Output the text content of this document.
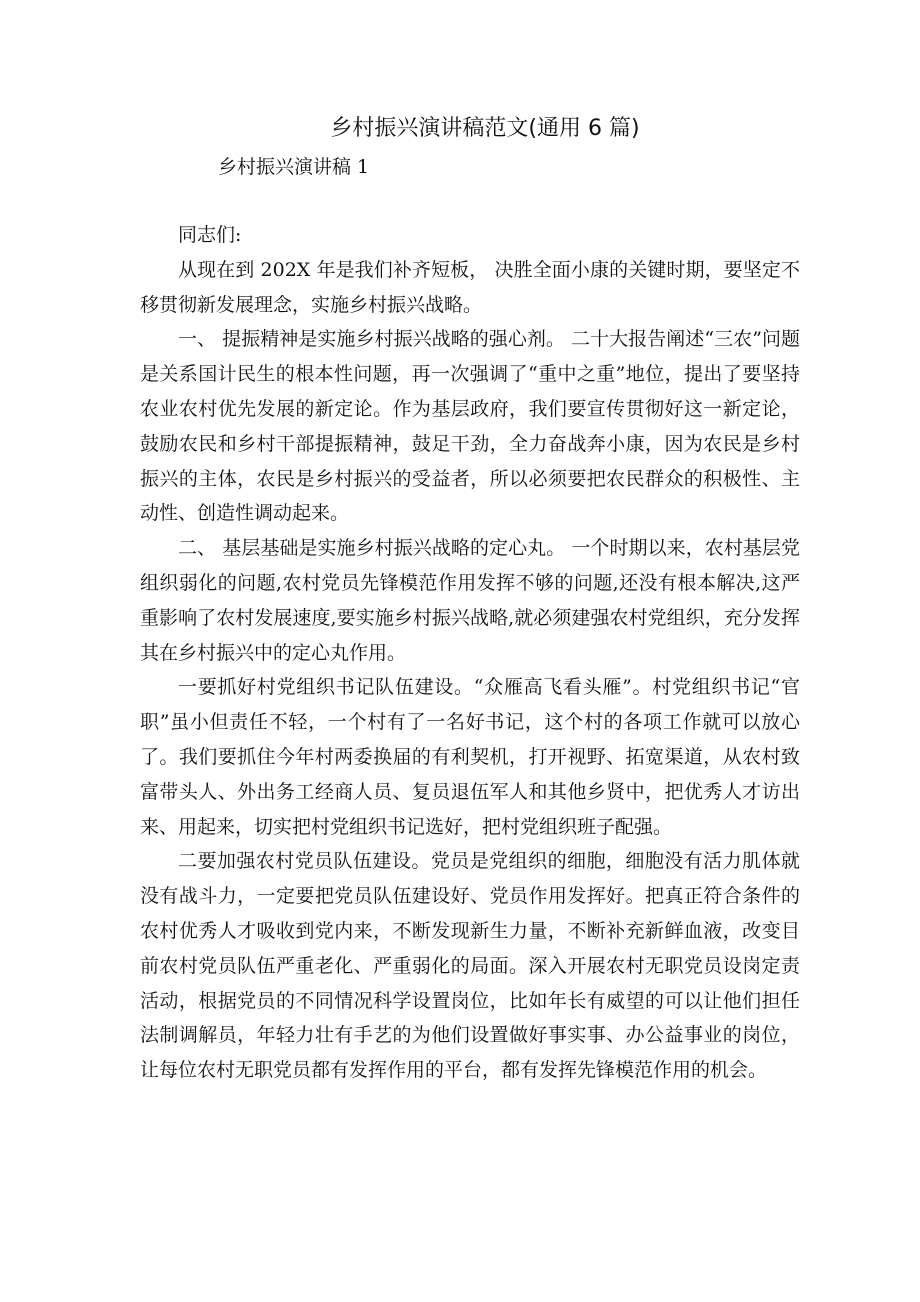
乡村振兴演讲稿范文(通用 6 篇)
乡村振兴演讲稿 1

同志们:

从现在到 202X 年是我们补齐短板， 决胜全面小康的关键时期，要坚定不移贯彻新发展理念，实施乡村振兴战略。

一、 提振精神是实施乡村振兴战略的强心剂。 二十大报告阐述“三农”问题是关系国计民生的根本性问题，再一次强调了“重中之重”地位，提出了要坚持农业农村优先发展的新定论。作为基层政府，我们要宣传贯彻好这一新定论，鼓励农民和乡村干部提振精神，鼓足干劲，全力奋战奔小康，因为农民是乡村振兴的主体，农民是乡村振兴的受益者，所以必须要把农民群众的积极性、主动性、创造性调动起来。

二、 基层基础是实施乡村振兴战略的定心丸。 一个时期以来，农村基层党组织弱化的问题,农村党员先锋模范作用发挥不够的问题,还没有根本解决,这严重影响了农村发展速度,要实施乡村振兴战略,就必须建强农村党组织，充分发挥其在乡村振兴中的定心丸作用。

一要抓好村党组织书记队伍建设。“众雁高飞看头雁”。村党组织书记“官职”虽小但责任不轻，一个村有了一名好书记，这个村的各项工作就可以放心了。我们要抓住今年村两委换届的有利契机，打开视野、拓宽渠道，从农村致富带头人、外出务工经商人员、复员退伍军人和其他乡贤中，把优秀人才访出来、用起来，切实把村党组织书记选好，把村党组织班子配强。

二要加强农村党员队伍建设。党员是党组织的细胞，细胞没有活力肌体就没有战斗力，一定要把党员队伍建设好、党员作用发挥好。把真正符合条件的农村优秀人才吸收到党内来，不断发现新生力量，不断补充新鲜血液，改变目前农村党员队伍严重老化、严重弱化的局面。深入开展农村无职党员设岗定责活动，根据党员的不同情况科学设置岗位，比如年长有威望的可以让他们担任法制调解员，年轻力壮有手艺的为他们设置做好事实事、办公益事业的岗位，让每位农村无职党员都有发挥作用的平台，都有发挥先锋模范作用的机会。
